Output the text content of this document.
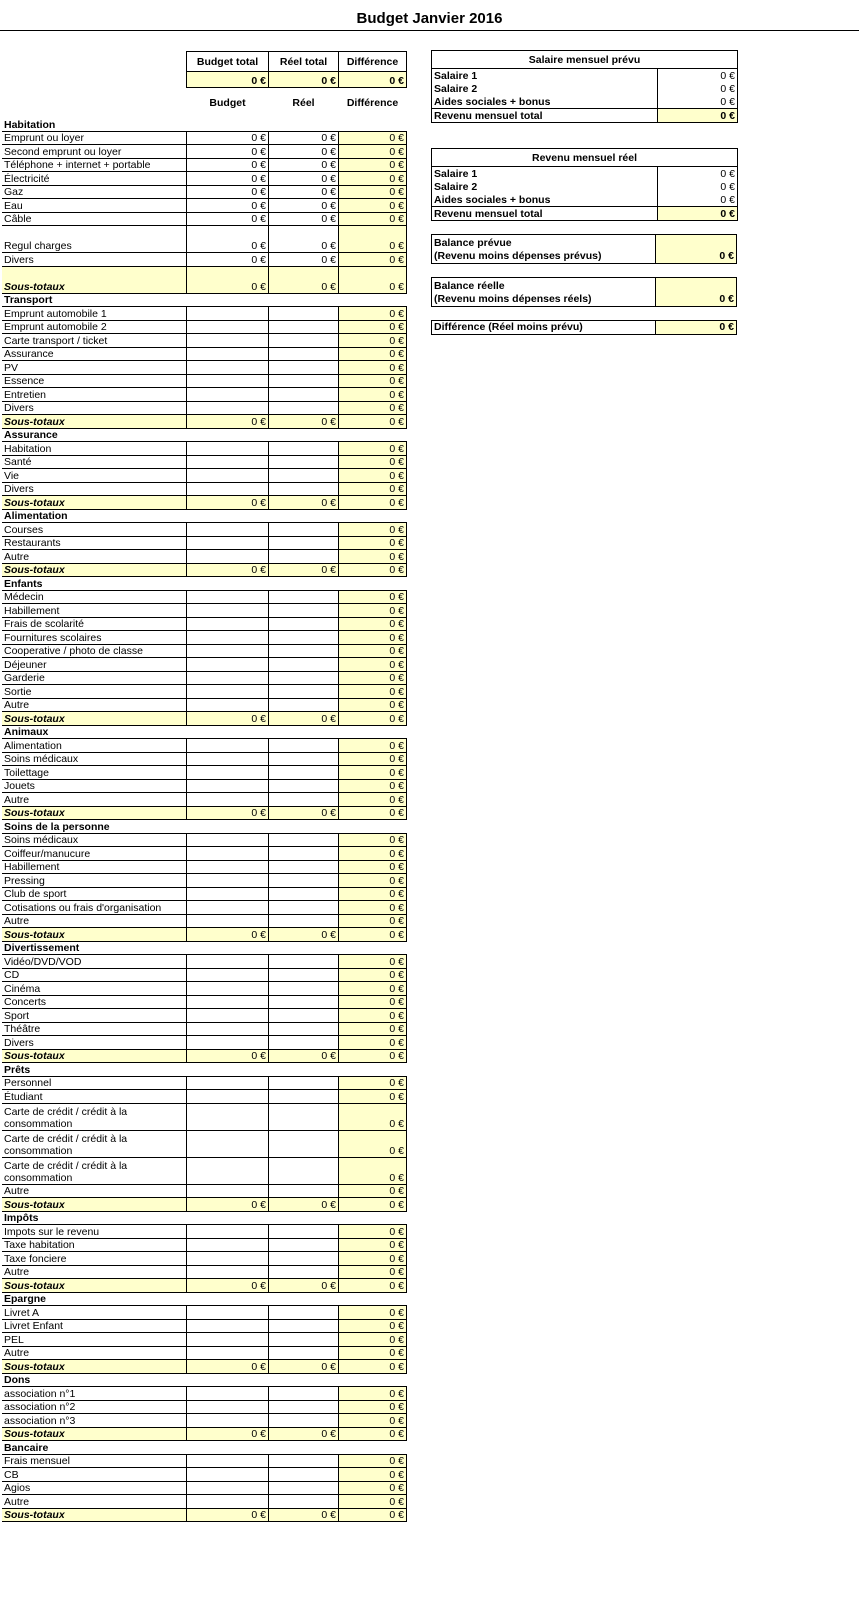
Budget Janvier 2016
	Budget total	Réel total	Différence
	0 €	0 €	0 €
	Budget	Réel	Différence
Habitation			
Emprunt ou loyer	0 €	0 €	0 €
Second emprunt ou loyer	0 €	0 €	0 €
Téléphone + internet + portable	0 €	0 €	0 €
Électricité	0 €	0 €	0 €
Gaz	0 €	0 €	0 €
Eau	0 €	0 €	0 €
Câble	0 €	0 €	0 €
Regul charges	0 €	0 €	0 €
Divers	0 €	0 €	0 €
Sous-totaux	0 €	0 €	0 €
Transport			
Emprunt automobile 1			0 €
Emprunt automobile 2			0 €
Carte transport / ticket			0 €
Assurance			0 €
PV			0 €
Essence			0 €
Entretien			0 €
Divers			0 €
Sous-totaux	0 €	0 €	0 €
Assurance			
Habitation			0 €
Santé			0 €
Vie			0 €
Divers			0 €
Sous-totaux	0 €	0 €	0 €
Alimentation			
Courses			0 €
Restaurants			0 €
Autre			0 €
Sous-totaux	0 €	0 €	0 €
Enfants			
Médecin			0 €
Habillement			0 €
Frais de scolarité			0 €
Fournitures scolaires			0 €
Cooperative / photo de classe			0 €
Déjeuner			0 €
Garderie			0 €
Sortie			0 €
Autre			0 €
Sous-totaux	0 €	0 €	0 €
Animaux			
Alimentation			0 €
Soins médicaux			0 €
Toilettage			0 €
Jouets			0 €
Autre			0 €
Sous-totaux	0 €	0 €	0 €
Soins de la personne			
Soins médicaux			0 €
Coiffeur/manucure			0 €
Habillement			0 €
Pressing			0 €
Club de sport			0 €
Cotisations ou frais d'organisation			0 €
Autre			0 €
Sous-totaux	0 €	0 €	0 €
Divertissement			
Vidéo/DVD/VOD			0 €
CD			0 €
Cinéma			0 €
Concerts			0 €
Sport			0 €
Théâtre			0 €
Divers			0 €
Sous-totaux	0 €	0 €	0 €
Prêts			
Personnel			0 €
Étudiant			0 €
Carte de crédit / crédit à la consommation			0 €
Carte de crédit / crédit à la consommation			0 €
Carte de crédit / crédit à la consommation			0 €
Autre			0 €
Sous-totaux	0 €	0 €	0 €
Impôts			
Impots sur le revenu			0 €
Taxe habitation			0 €
Taxe fonciere			0 €
Autre			0 €
Sous-totaux	0 €	0 €	0 €
Epargne			
Livret A			0 €
Livret Enfant			0 €
PEL			0 €
Autre			0 €
Sous-totaux	0 €	0 €	0 €
Dons			
association n°1			0 €
association n°2			0 €
association n°3			0 €
Sous-totaux	0 €	0 €	0 €
Bancaire			
Frais mensuel			0 €
CB			0 €
Agios			0 €
Autre			0 €
Sous-totaux	0 €	0 €	0 €
Salaire mensuel prévu	
Salaire 1	0 €
Salaire 2	0 €
Aides sociales + bonus	0 €
Revenu mensuel total	0 €
Revenu mensuel réel	
Salaire 1	0 €
Salaire 2	0 €
Aides sociales + bonus	0 €
Revenu mensuel total	0 €
Balance prévue
(Revenu moins dépenses prévus)	0 €
Balance réelle
(Revenu moins dépenses réels)	0 €
Différence (Réel moins prévu)	0 €
